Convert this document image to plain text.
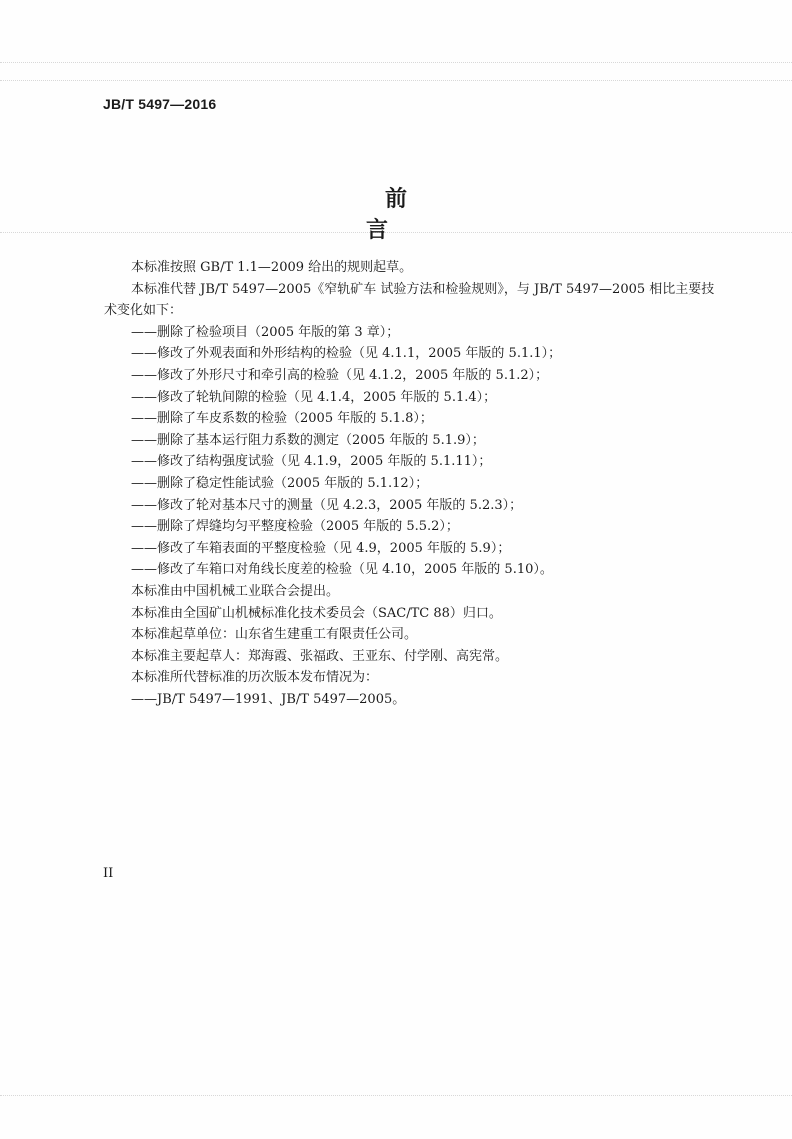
JB/T 5497—2016
前 言

本标准按照 GB/T 1.1—2009 给出的规则起草。

本标准代替 JB/T 5497—2005《窄轨矿车 试验方法和检验规则》，与 JB/T 5497—2005 相比主要技

术变化如下：

——删除了检验项目（2005 年版的第 3 章）；

——修改了外观表面和外形结构的检验（见 4.1.1，2005 年版的 5.1.1）；

——修改了外形尺寸和牵引高的检验（见 4.1.2，2005 年版的 5.1.2）；

——修改了轮轨间隙的检验（见 4.1.4，2005 年版的 5.1.4）；

——删除了车皮系数的检验（2005 年版的 5.1.8）；

——删除了基本运行阻力系数的测定（2005 年版的 5.1.9）；

——修改了结构强度试验（见 4.1.9，2005 年版的 5.1.11）；

——删除了稳定性能试验（2005 年版的 5.1.12）；

——修改了轮对基本尺寸的测量（见 4.2.3，2005 年版的 5.2.3）；

——删除了焊缝均匀平整度检验（2005 年版的 5.5.2）；

——修改了车箱表面的平整度检验（见 4.9，2005 年版的 5.9）；

——修改了车箱口对角线长度差的检验（见 4.10，2005 年版的 5.10）。

本标准由中国机械工业联合会提出。

本标准由全国矿山机械标准化技术委员会（SAC/TC 88）归口。

本标准起草单位：山东省生建重工有限责任公司。

本标准主要起草人：郑海霞、张福政、王亚东、付学刚、高宪常。

本标准所代替标准的历次版本发布情况为：

——JB/T 5497—1991、JB/T 5497—2005。

II
